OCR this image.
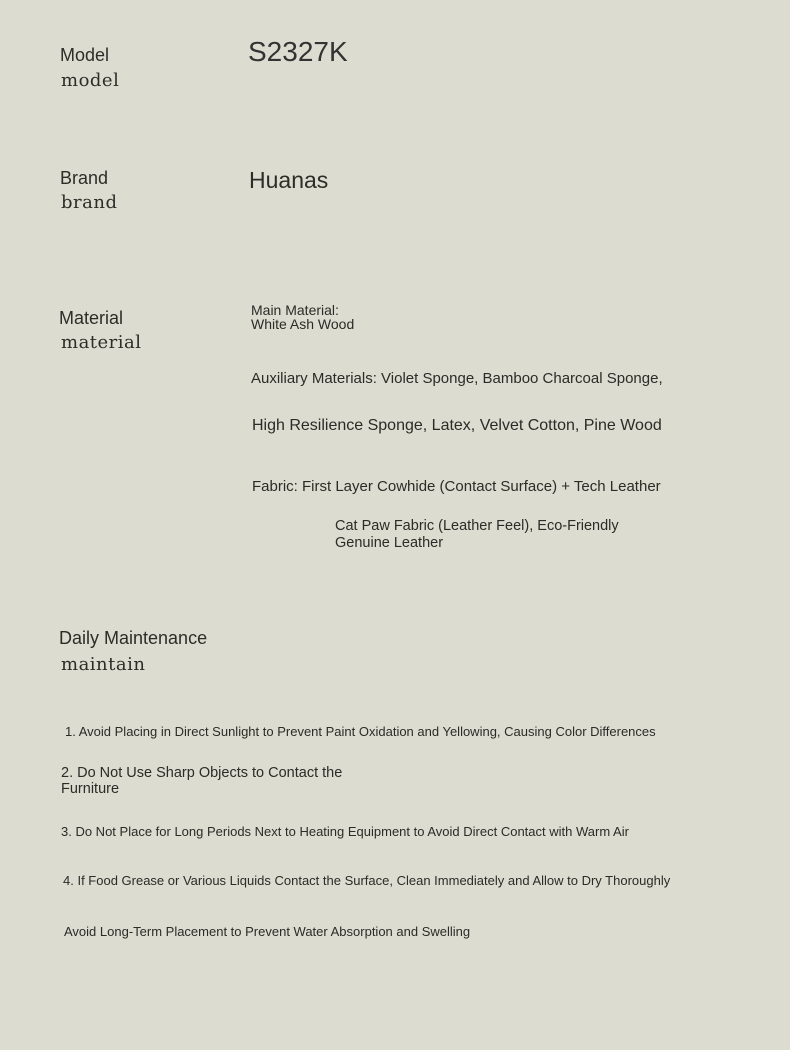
Model
model
S2327K
Brand
brand
Huanas
Material
material
Main Material:
White Ash Wood
Auxiliary Materials: Violet Sponge, Bamboo Charcoal Sponge,
High Resilience Sponge, Latex, Velvet Cotton, Pine Wood
Fabric: First Layer Cowhide (Contact Surface) + Tech Leather
Cat Paw Fabric (Leather Feel), Eco-Friendly
Genuine Leather
Daily Maintenance
maintain
1. Avoid Placing in Direct Sunlight to Prevent Paint Oxidation and Yellowing, Causing Color Differences
2. Do Not Use Sharp Objects to Contact the
Furniture
3. Do Not Place for Long Periods Next to Heating Equipment to Avoid Direct Contact with Warm Air
4. If Food Grease or Various Liquids Contact the Surface, Clean Immediately and Allow to Dry Thoroughly
Avoid Long-Term Placement to Prevent Water Absorption and Swelling
